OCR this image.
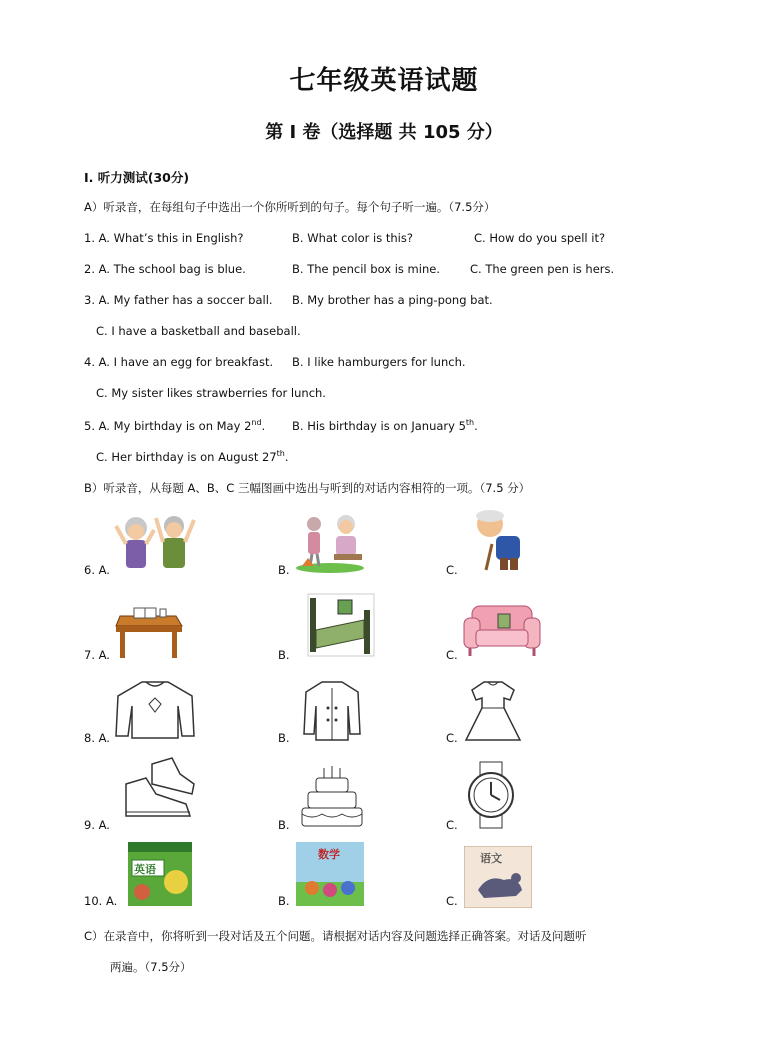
七年级英语试题
第 I 卷（选择题 共 105 分）
Ⅰ. 听力测试(30分)
A）听录音，在每组句子中选出一个你所听到的句子。每个句子听一遍。（7.5分）
1. A. What’s this in English?	B. What color is this?	C. How do you spell it?
2. A. The school bag is blue.	B. The pencil box is mine.	C. The green pen is hers.
3. A. My father has a soccer ball. B. My brother has a ping-pong bat.
C. I have a basketball and baseball.
4. A. I have an egg for breakfast. B. I like hamburgers for lunch.
C. My sister likes strawberries for lunch.
5. A. My birthday is on May 2nd. B. His birthday is on January 5th.
C. Her birthday is on August 27th.
B）听录音，从每题 A、B、C 三幅图画中选出与听到的对话内容相符的一项。（7.5 分）
6. A.	B.	C.
7. A.	B.	C.
8. A.	B.	C.
9. A.	B.	C.
10. A.	B.	C.
英语
数学	语文
C）在录音中，你将听到一段对话及五个问题。请根据对话内容及问题选择正确答案。对话及问题听
两遍。（7.5分）
